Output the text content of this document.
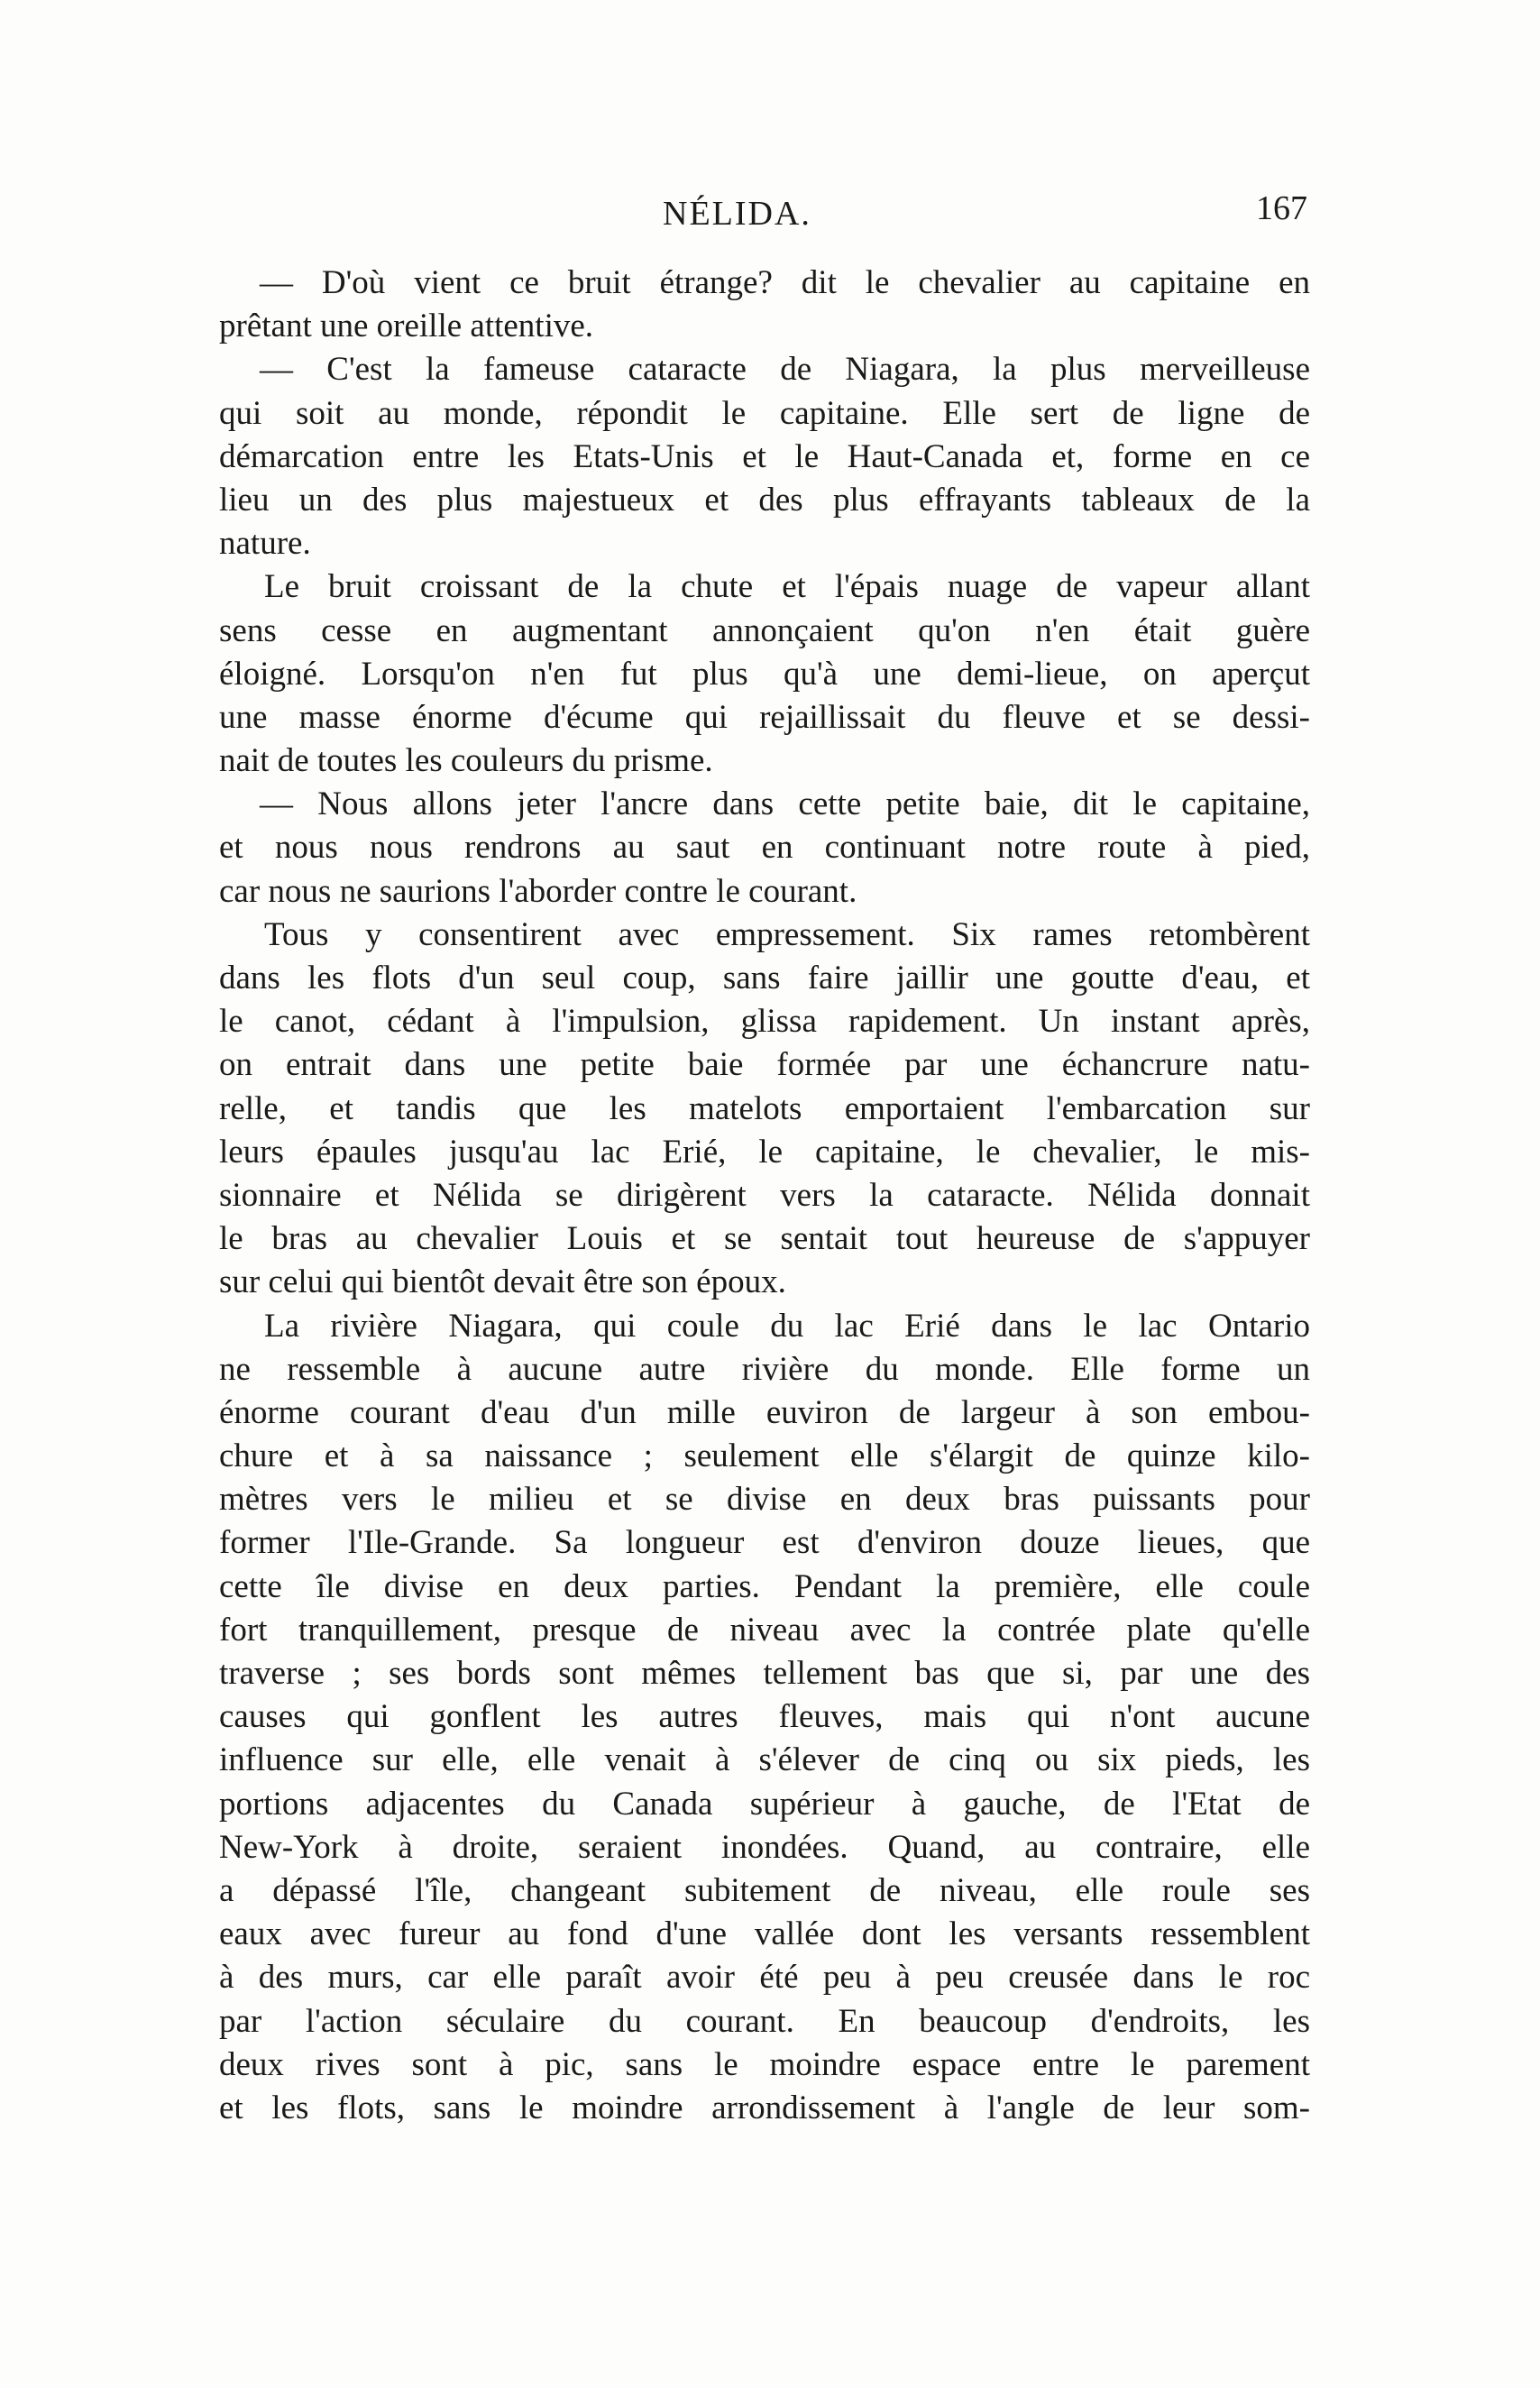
NÉLIDA.	167
— D'où vient ce bruit étrange? dit le chevalier au capitaine en
prêtant une oreille attentive.
— C'est la fameuse cataracte de Niagara, la plus merveilleuse
qui soit au monde, répondit le capitaine. Elle sert de ligne de
démarcation entre les Etats-Unis et le Haut-Canada et, forme en ce
lieu un des plus majestueux et des plus effrayants tableaux de la
nature.
Le bruit croissant de la chute et l'épais nuage de vapeur allant
sens cesse en augmentant annonçaient qu'on n'en était guère
éloigné. Lorsqu'on n'en fut plus qu'à une demi-lieue, on aperçut
une masse énorme d'écume qui rejaillissait du fleuve et se dessi-
nait de toutes les couleurs du prisme.
— Nous allons jeter l'ancre dans cette petite baie, dit le capitaine,
et nous nous rendrons au saut en continuant notre route à pied,
car nous ne saurions l'aborder contre le courant.
Tous y consentirent avec empressement. Six rames retombèrent
dans les flots d'un seul coup, sans faire jaillir une goutte d'eau, et
le canot, cédant à l'impulsion, glissa rapidement. Un instant après,
on entrait dans une petite baie formée par une échancrure natu-
relle, et tandis que les matelots emportaient l'embarcation sur
leurs épaules jusqu'au lac Erié, le capitaine, le chevalier, le mis-
sionnaire et Nélida se dirigèrent vers la cataracte. Nélida donnait
le bras au chevalier Louis et se sentait tout heureuse de s'appuyer
sur celui qui bientôt devait être son époux.
La rivière Niagara, qui coule du lac Erié dans le lac Ontario
ne ressemble à aucune autre rivière du monde. Elle forme un
énorme courant d'eau d'un mille euviron de largeur à son embou-
chure et à sa naissance ; seulement elle s'élargit de quinze kilo-
mètres vers le milieu et se divise en deux bras puissants pour
former l'Ile-Grande. Sa longueur est d'environ douze lieues, que
cette île divise en deux parties. Pendant la première, elle coule
fort tranquillement, presque de niveau avec la contrée plate qu'elle
traverse ; ses bords sont mêmes tellement bas que si, par une des
causes qui gonflent les autres fleuves, mais qui n'ont aucune
influence sur elle, elle venait à s'élever de cinq ou six pieds, les
portions adjacentes du Canada supérieur à gauche, de l'Etat de
New-York à droite, seraient inondées. Quand, au contraire, elle
a dépassé l'île, changeant subitement de niveau, elle roule ses
eaux avec fureur au fond d'une vallée dont les versants ressemblent
à des murs, car elle paraît avoir été peu à peu creusée dans le roc
par l'action séculaire du courant. En beaucoup d'endroits, les
deux rives sont à pic, sans le moindre espace entre le parement
et les flots, sans le moindre arrondissement à l'angle de leur som-
